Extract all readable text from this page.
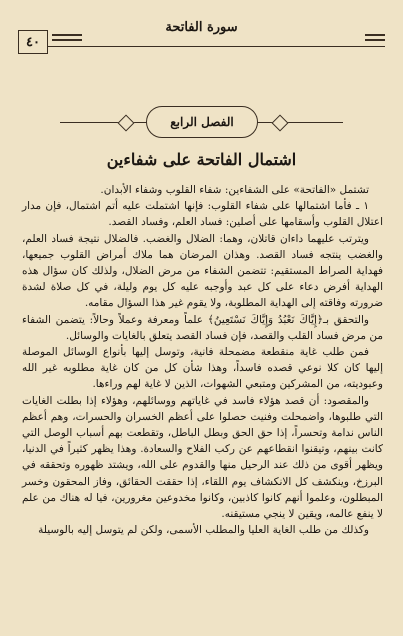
سورة الفاتحة
٤٠
الفصل الرابع
اشتمال الفاتحة على شفاءين

تشتمل «الفاتحة» على الشفاءين: شفاء القلوب وشفاء الأبدان.

١ ـ فأما اشتمالها على شفاء القلوب: فإنها اشتملت عليه أتم اشتمال، فإن مدار اعتلال القلوب وأسقامها على أصلين: فساد العلم، وفساد القصد.

ويترتب عليهما داءان قاتلان، وهما: الضلال والغضب. فالضلال نتيجة فساد العلم، والغضب ينتجه فساد القصد. وهذان المرضان هما ملاك أمراض القلوب جميعها، فهداية الصراط المستقيم: تتضمن الشفاء من مرض الضلال، ولذلك كان سؤال هذه الهداية أفرض دعاء على كل عبد وأوجبه عليه كل يوم وليلة، في كل صلاة لشدة ضرورته وفاقته إلى الهداية المطلوبة، ولا يقوم غير هذا السؤال مقامه.

والتحقق بـ﴿إِيَّاكَ نَعْبُدُ وَإِيَّاكَ نَسْتَعِينُ﴾ علماً ومعرفة وعملاً وحالاً: يتضمن الشفاء من مرض فساد القلب والقصد، فإن فساد القصد يتعلق بالغايات والوسائل.

فمن طلب غاية منقطعة مضمحلة فانية، وتوسل إليها بأنواع الوسائل الموصلة إليها كان كلا نوعي قصده فاسداً، وهذا شأن كل من كان غاية مطلوبه غير الله وعبوديته، من المشركين ومتبعي الشهوات، الذين لا غاية لهم وراءها.

والمقصود: أن قصد هؤلاء فاسد في غاياتهم ووسائلهم، وهؤلاء إذا بطلت الغايات التي طلبوها، واضمحلت وفنيت حصلوا على أعظم الخسران والحسرات، وهم أعظم الناس ندامة وتحسراً، إذا حق الحق وبطل الباطل، وتقطعت بهم أسباب الوصل التي كانت بينهم، وتيقنوا انقطاعهم عن ركب الفلاح والسعادة. وهذا يظهر كثيراً في الدنيا، ويظهر أقوى من ذلك عند الرحيل منها والقدوم على الله، ويشتد ظهوره وتحققه في البرزخ، وينكشف كل الانكشاف يوم اللقاء، إذا حققت الحقائق، وفاز المحقون وخسر المبطلون، وعلموا أنهم كانوا كاذبين، وكانوا مخدوعين مغرورين، فيا له هناك من علم لا ينفع عالمه، ويقين لا ينجي مستيقنه.

وكذلك من طلب الغاية العليا والمطلب الأسمى، ولكن لم يتوسل إليه بالوسيلة
